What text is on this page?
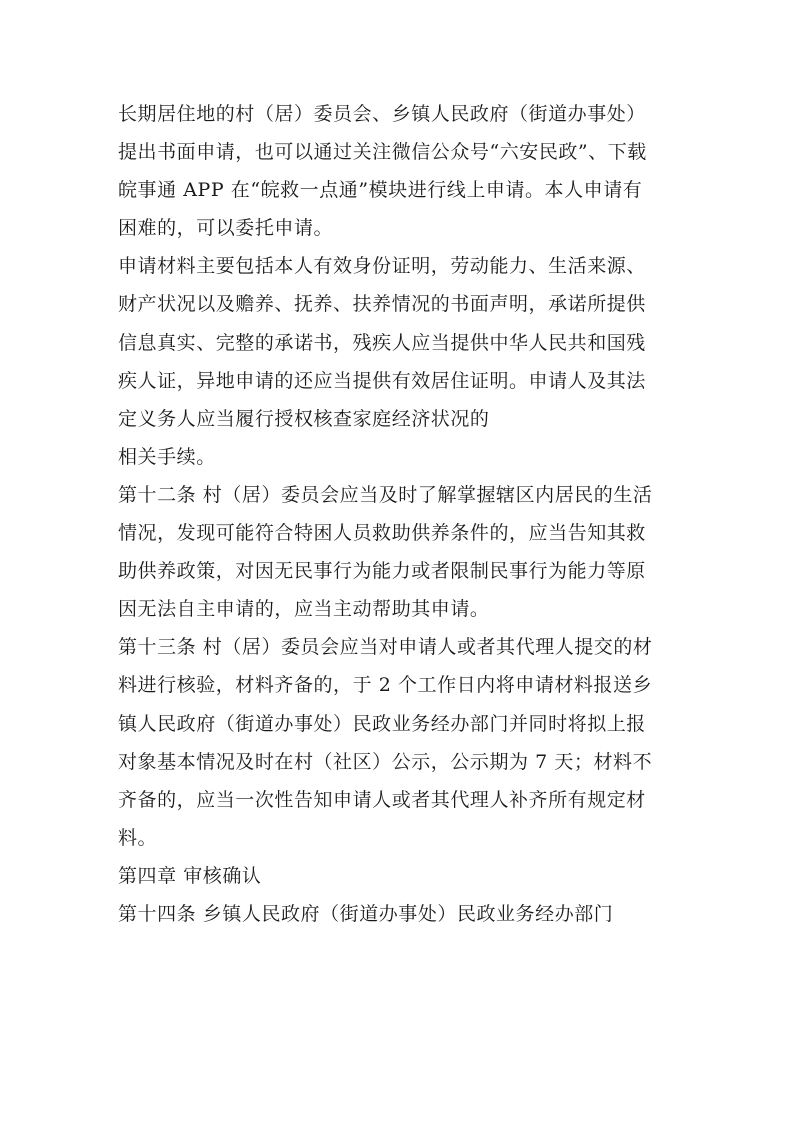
长期居住地的村（居）委员会、乡镇人民政府（街道办事处）
提出书面申请，也可以通过关注微信公众号“六安民政”、下载
皖事通 APP 在“皖救一点通”模块进行线上申请。本人申请有
困难的，可以委托申请。
申请材料主要包括本人有效身份证明，劳动能力、生活来源、
财产状况以及赡养、抚养、扶养情况的书面声明，承诺所提供
信息真实、完整的承诺书，残疾人应当提供中华人民共和国残
疾人证，异地申请的还应当提供有效居住证明。申请人及其法
定义务人应当履行授权核查家庭经济状况的
相关手续。
第十二条 村（居）委员会应当及时了解掌握辖区内居民的生活
情况，发现可能符合特困人员救助供养条件的，应当告知其救
助供养政策，对因无民事行为能力或者限制民事行为能力等原
因无法自主申请的，应当主动帮助其申请。
第十三条 村（居）委员会应当对申请人或者其代理人提交的材
料进行核验，材料齐备的，于 2 个工作日内将申请材料报送乡
镇人民政府（街道办事处）民政业务经办部门并同时将拟上报
对象基本情况及时在村（社区）公示，公示期为 7 天；材料不
齐备的，应当一次性告知申请人或者其代理人补齐所有规定材
料。
第四章 审核确认
第十四条 乡镇人民政府（街道办事处）民政业务经办部门
